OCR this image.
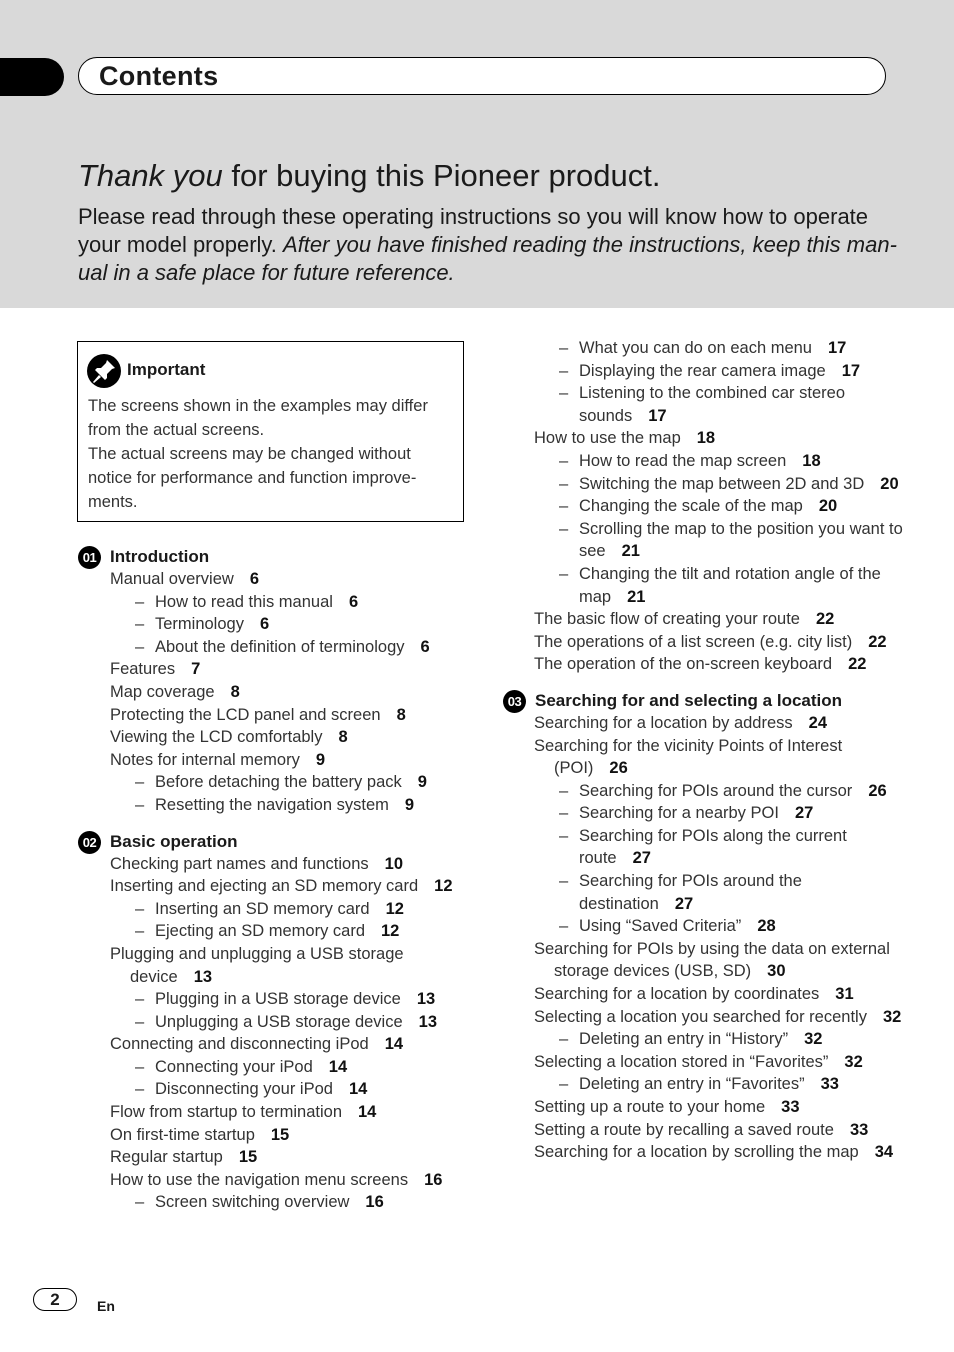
Contents
Thank you for buying this Pioneer product.

Please read through these operating instructions so you will know how to operate your model properly. After you have finished reading the instructions, keep this man-ual in a safe place for future reference.

Important

The screens shown in the examples may differ from the actual screens.

The actual screens may be changed without notice for performance and function improve-ments.

01 Introduction
Manual overview 6
– How to read this manual 6
– Terminology 6
– About the definition of terminology 6
Features 7
Map coverage 8
Protecting the LCD panel and screen 8
Viewing the LCD comfortably 8
Notes for internal memory 9
– Before detaching the battery pack 9
– Resetting the navigation system 9
02 Basic operation
Checking part names and functions 10
Inserting and ejecting an SD memory card 12
– Inserting an SD memory card 12
– Ejecting an SD memory card 12
Plugging and unplugging a USB storage device 13
– Plugging in a USB storage device 13
– Unplugging a USB storage device 13
Connecting and disconnecting iPod 14
– Connecting your iPod 14
– Disconnecting your iPod 14
Flow from startup to termination 14
On first-time startup 15
Regular startup 15
How to use the navigation menu screens 16
– Screen switching overview 16
– What you can do on each menu 17
– Displaying the rear camera image 17
– Listening to the combined car stereo sounds 17
How to use the map 18
– How to read the map screen 18
– Switching the map between 2D and 3D 20
– Changing the scale of the map 20
– Scrolling the map to the position you want to see 21
– Changing the tilt and rotation angle of the map 21
The basic flow of creating your route 22
The operations of a list screen (e.g. city list) 22
The operation of the on-screen keyboard 22
03 Searching for and selecting a location
Searching for a location by address 24
Searching for the vicinity Points of Interest (POI) 26
– Searching for POIs around the cursor 26
– Searching for a nearby POI 27
– Searching for POIs along the current route 27
– Searching for POIs around the destination 27
– Using “Saved Criteria” 28
Searching for POIs by using the data on external storage devices (USB, SD) 30
Searching for a location by coordinates 31
Selecting a location you searched for recently 32
– Deleting an entry in “History” 32
Selecting a location stored in “Favorites” 32
– Deleting an entry in “Favorites” 33
Setting up a route to your home 33
Setting a route by recalling a saved route 33
Searching for a location by scrolling the map 34
2	En
